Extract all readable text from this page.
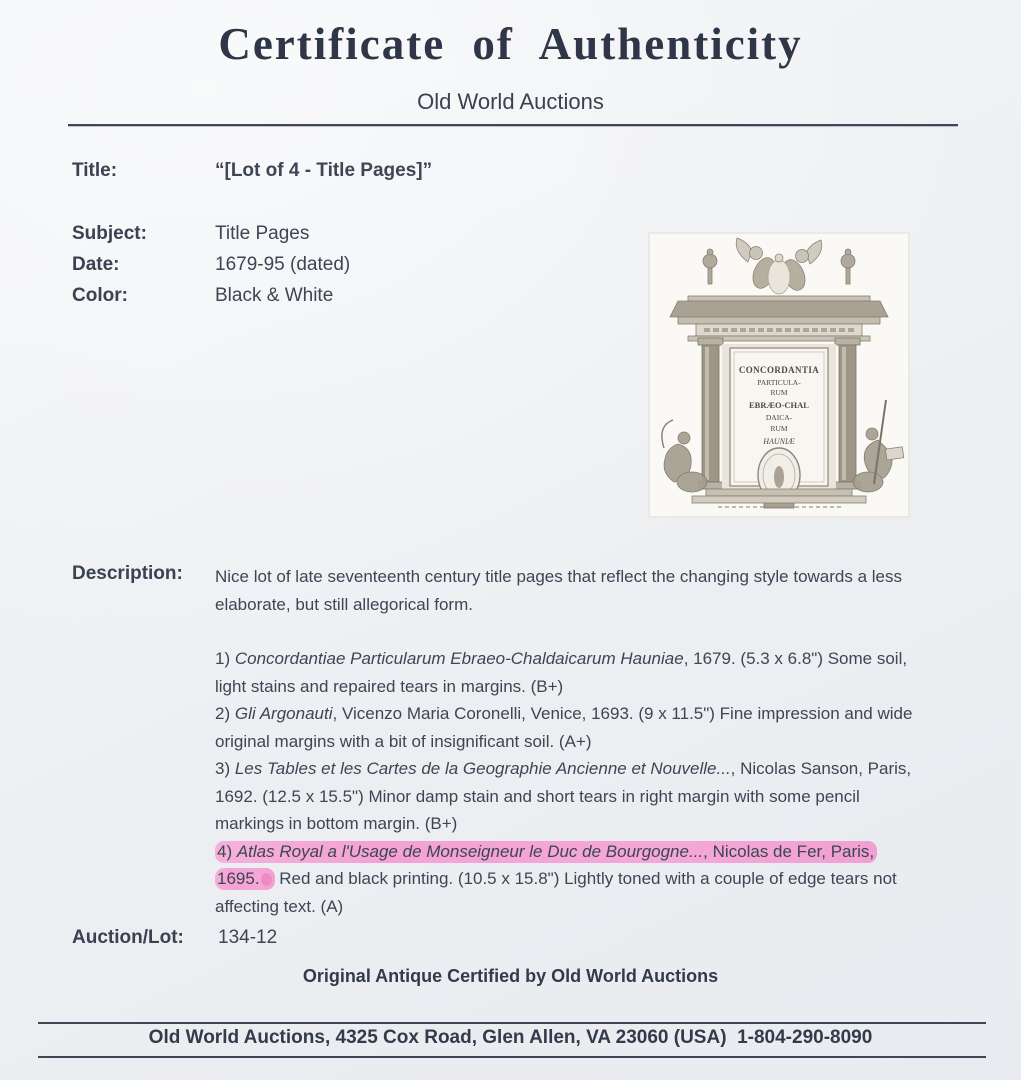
Certificate of Authenticity
Old World Auctions
Title:	“[Lot of 4 - Title Pages]”
Subject:	Title Pages
Date:	1679-95 (dated)
Color:	Black & White
CONCORDANTIA
PARTICULA-
RUM
EBRÆO-CHAL
DAICA-
RUM
HAUNIÆ
Description: Nice lot of late seventeenth century title pages that reflect the changing style towards a less elaborate, but still allegorical form.

1) Concordantiae Particularum Ebraeo-Chaldaicarum Hauniae, 1679. (5.3 x 6.8") Some soil, light stains and repaired tears in margins. (B+)

2) Gli Argonauti, Vicenzo Maria Coronelli, Venice, 1693. (9 x 11.5") Fine impression and wide original margins with a bit of insignificant soil. (A+)

3) Les Tables et les Cartes de la Geographie Ancienne et Nouvelle..., Nicolas Sanson, Paris, 1692. (12.5 x 15.5") Minor damp stain and short tears in right margin with some pencil markings in bottom margin. (B+)

4) Atlas Royal a l'Usage de Monseigneur le Duc de Bourgogne..., Nicolas de Fer, Paris, 1695. Red and black printing. (10.5 x 15.8") Lightly toned with a couple of edge tears not affecting text. (A)

Auction/Lot: 134-12
Original Antique Certified by Old World Auctions
Old World Auctions, 4325 Cox Road, Glen Allen, VA 23060 (USA)  1-804-290-8090
